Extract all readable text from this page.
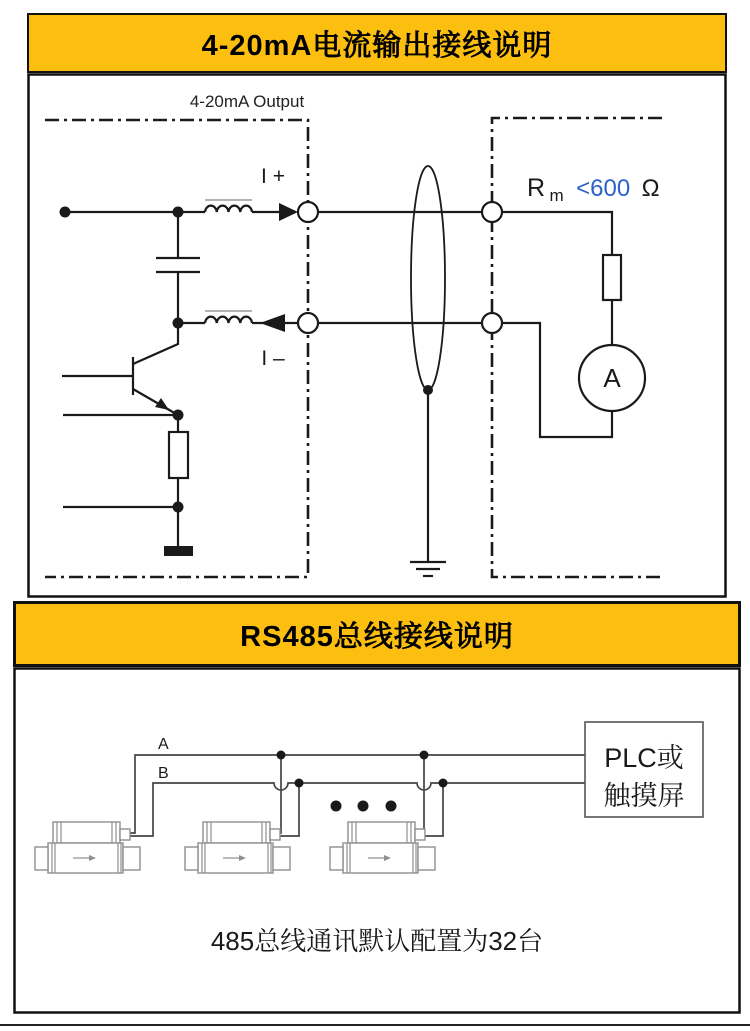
4-20mA电流输出接线说明
4-20mA Output
I +
I –
A
R m <600 Ω
RS485总线接线说明
A
B
PLC或
触摸屏
485总线通讯默认配置为32台
